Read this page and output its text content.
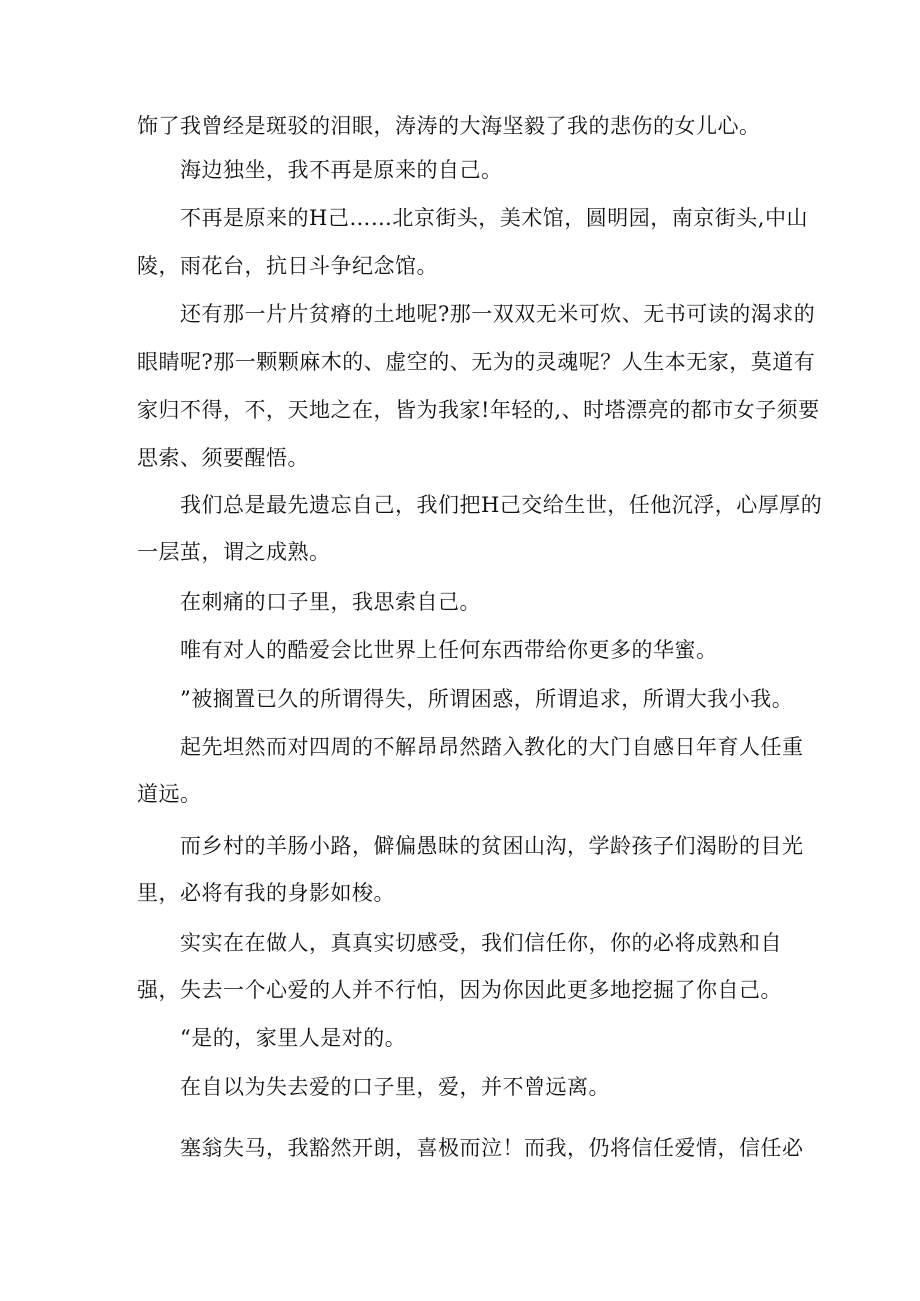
饰了我曾经是斑驳的泪眼，涛涛的大海坚毅了我的悲伤的女儿心。
海边独坐，我不再是原来的自己。
不再是原来的H己……北京街头，美术馆，圆明园，南京街头,中山
陵，雨花台，抗日斗争纪念馆。
还有那一片片贫瘠的土地呢?那一双双无米可炊、无书可读的渴求的
眼睛呢?那一颗颗麻木的、虚空的、无为的灵魂呢？人生本无家，莫道有
家归不得，不，天地之在，皆为我家!年轻的,、时塔漂亮的都市女子须要
思索、须要醒悟。
我们总是最先遗忘自己，我们把H己交给生世，任他沉浮，心厚厚的
一层茧，谓之成熟。
在刺痛的口子里，我思索自己。
唯有对人的酷爱会比世界上任何东西带给你更多的华蜜。
”被搁置已久的所谓得失，所谓困惑，所谓追求，所谓大我小我。
起先坦然而对四周的不解昂昂然踏入教化的大门自感日年育人任重
道远。
而乡村的羊肠小路，僻偏愚昧的贫困山沟，学龄孩子们渴盼的目光
里，必将有我的身影如梭。
实实在在做人，真真实切感受，我们信任你，你的必将成熟和自
强，失去一个心爱的人并不行怕，因为你因此更多地挖掘了你自己。
“是的，家里人是对的。
在自以为失去爱的口子里，爱，并不曾远离。
塞翁失马，我豁然开朗，喜极而泣！而我，仍将信任爱情，信任必
